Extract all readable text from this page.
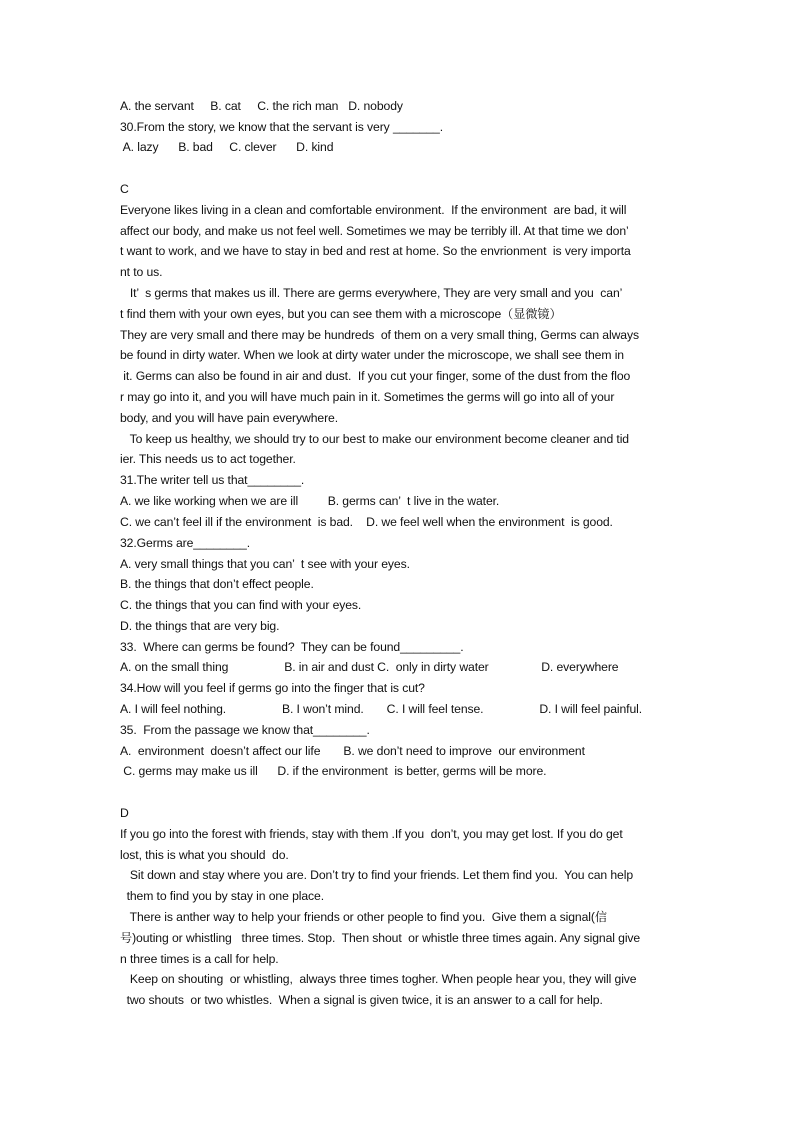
A. the servant     B. cat     C. the rich man   D. nobody
30.From the story, we know that the servant is very _______.
A. lazy      B. bad     C. clever      D. kind
C
Everyone likes living in a clean and comfortable environment.  If the environment  are bad, it will
affect our body, and make us not feel well. Sometimes we may be terribly ill. At that time we don’
t want to work, and we have to stay in bed and rest at home. So the envrionment  is very importa
nt to us.
It’  s germs that makes us ill. There are germs everywhere, They are very small and you  can’
t find them with your own eyes, but you can see them with a microscope（显微镜）
They are very small and there may be hundreds  of them on a very small thing, Germs can always
be found in dirty water. When we look at dirty water under the microscope, we shall see them in
it. Germs can also be found in air and dust.  If you cut your finger, some of the dust from the floo
r may go into it, and you will have much pain in it. Sometimes the germs will go into all of your
body, and you will have pain everywhere.
To keep us healthy, we should try to our best to make our environment become cleaner and tid
ier. This needs us to act together.
31.The writer tell us that________.
A. we like working when we are ill         B. germs can’  t live in the water.
C. we can’t feel ill if the environment  is bad.    D. we feel well when the environment  is good.
32.Germs are________.
A. very small things that you can’  t see with your eyes.
B. the things that don’t effect people.
C. the things that you can find with your eyes.
D. the things that are very big.
33.  Where can germs be found?  They can be found_________.
A. on the small thing                 B. in air and dust C.  only in dirty water                D. everywhere
34.How will you feel if germs go into the finger that is cut?
A. I will feel nothing.                 B. I won’t mind.       C. I will feel tense.                 D. I will feel painful.
35.  From the passage we know that________.
A.  environment  doesn’t affect our life       B. we don’t need to improve  our environment
C. germs may make us ill      D. if the environment  is better, germs will be more.
D
If you go into the forest with friends, stay with them .If you  don’t, you may get lost. If you do get
lost, this is what you should  do.
Sit down and stay where you are. Don’t try to find your friends. Let them find you.  You can help
them to find you by stay in one place.
There is anther way to help your friends or other people to find you.  Give them a signal(信
号)outing or whistling   three times. Stop.  Then shout  or whistle three times again. Any signal give
n three times is a call for help.
Keep on shouting  or whistling,  always three times togher. When people hear you, they will give
two shouts  or two whistles.  When a signal is given twice, it is an answer to a call for help.
